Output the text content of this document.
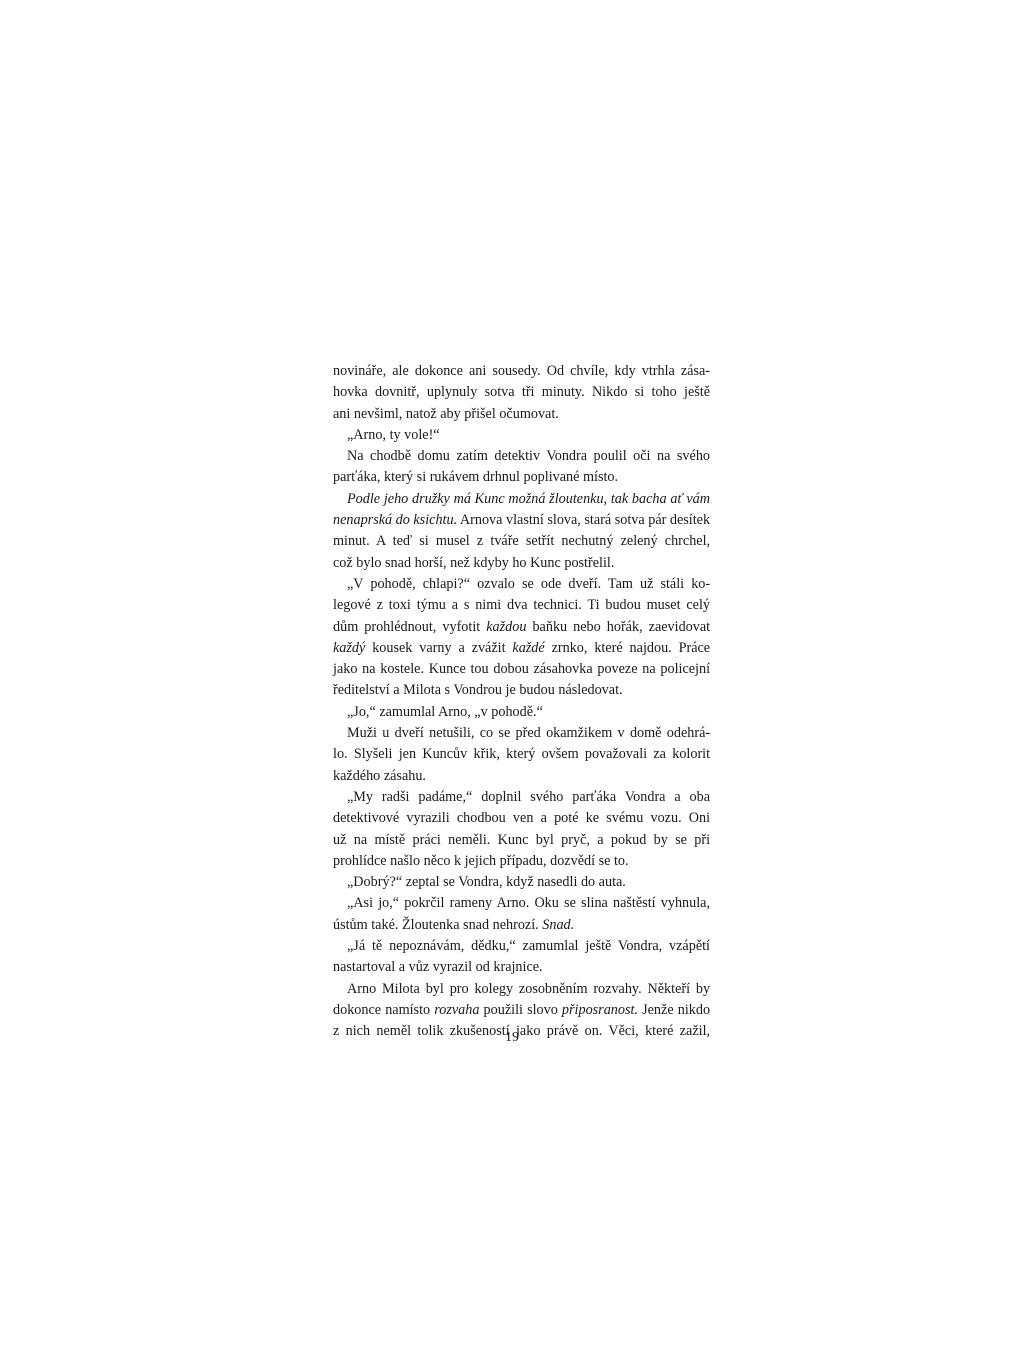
novináře, ale dokonce ani sousedy. Od chvíle, kdy vtrhla zása-
hovka dovnitř, uplynuly sotva tři minuty. Nikdo si toho ještě
ani nevšiml, natož aby přišel očumovat.
„Arno, ty vole!“
Na chodbě domu zatím detektiv Vondra poulil oči na svého
parťáka, který si rukávem drhnul poplivané místo.
Podle jeho družky má Kunc možná žloutenku, tak bacha ať vám
nenaprská do ksichtu. Arnova vlastní slova, stará sotva pár desítek
minut. A teď si musel z tváře setřít nechutný zelený chrchel,
což bylo snad horší, než kdyby ho Kunc postřelil.
„V pohodě, chlapi?“ ozvalo se ode dveří. Tam už stáli ko-
legové z toxi týmu a s nimi dva technici. Ti budou muset celý
dům prohlédnout, vyfotit každou baňku nebo hořák, zaevidovat
každý kousek varny a zvážit každé zrnko, které najdou. Práce
jako na kostele. Kunce tou dobou zásahovka poveze na policejní
ředitelství a Milota s Vondrou je budou následovat.
„Jo,“ zamumlal Arno, „v pohodě.“
Muži u dveří netušili, co se před okamžikem v domě odehrá-
lo. Slyšeli jen Kuncův křik, který ovšem považovali za kolorit
každého zásahu.
„My radši padáme,“ doplnil svého parťáka Vondra a oba
detektivové vyrazili chodbou ven a poté ke svému vozu. Oni
už na místě práci neměli. Kunc byl pryč, a pokud by se při
prohlídce našlo něco k jejich případu, dozvědí se to.
„Dobrý?“ zeptal se Vondra, když nasedli do auta.
„Asi jo,“ pokrčil rameny Arno. Oku se slina naštěstí vyhnula,
ústům také. Žloutenka snad nehrozí. Snad.
„Já tě nepoznávám, dědku,“ zamumlal ještě Vondra, vzápětí
nastartoval a vůz vyrazil od krajnice.
Arno Milota byl pro kolegy zosobněním rozvahy. Někteří by
dokonce namísto rozvaha použili slovo připosranost. Jenže nikdo
z nich neměl tolik zkušeností jako právě on. Věci, které zažil,
19
